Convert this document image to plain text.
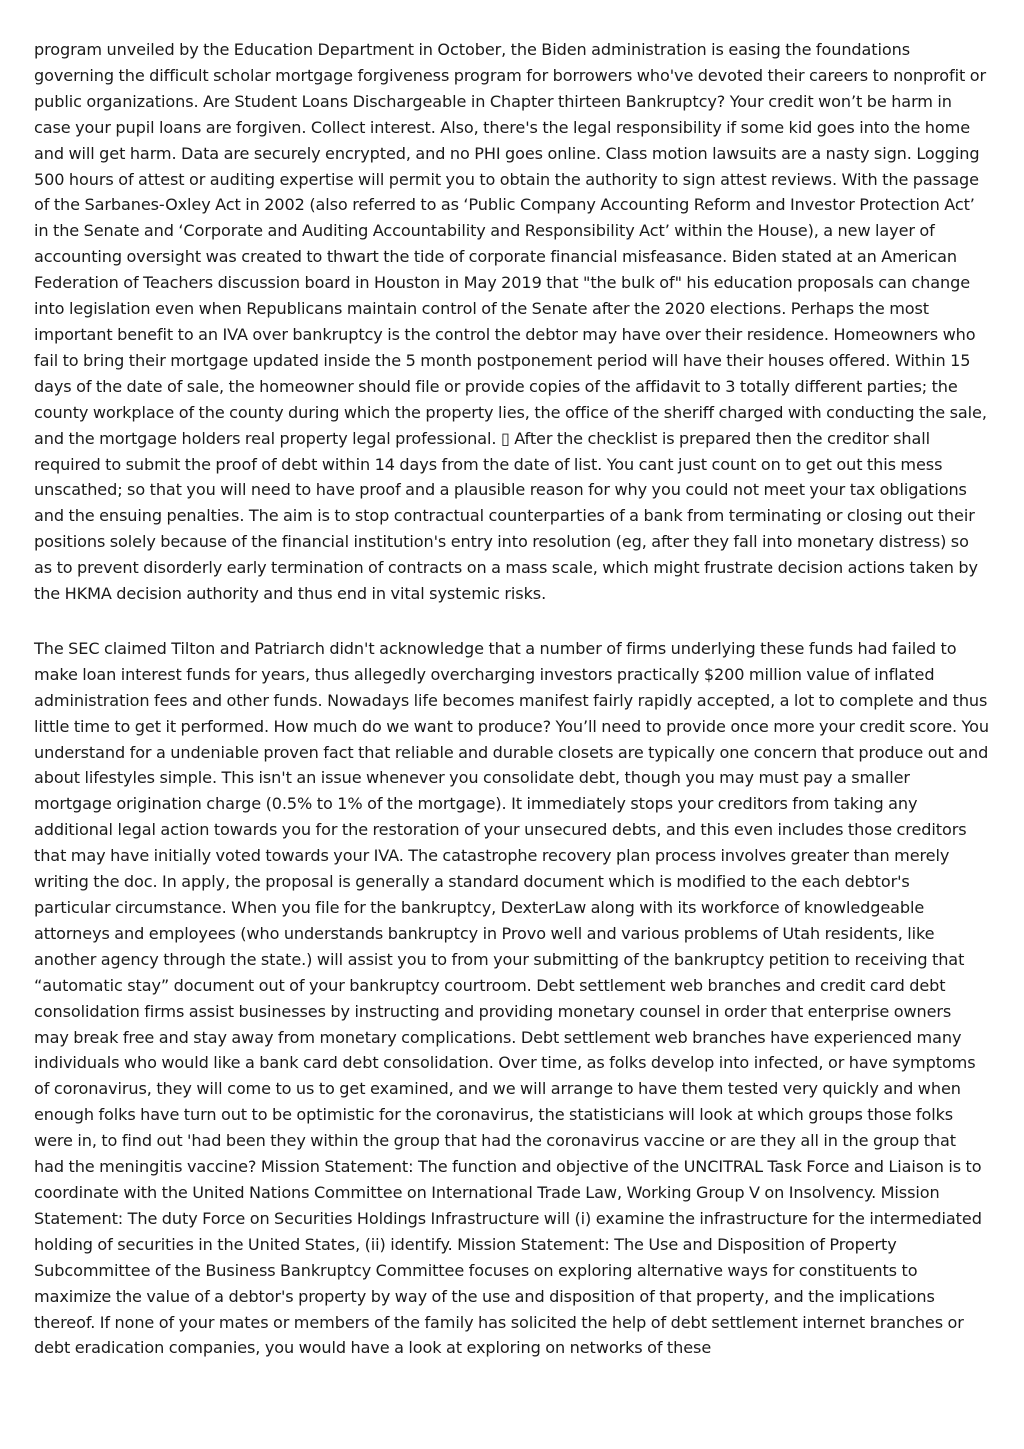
program unveiled by the Education Department in October, the Biden administration is easing the foundations governing the difficult scholar mortgage forgiveness program for borrowers who've devoted their careers to nonprofit or public organizations. Are Student Loans Dischargeable in Chapter thirteen Bankruptcy? Your credit won’t be harm in case your pupil loans are forgiven. Collect interest. Also, there's the legal responsibility if some kid goes into the home and will get harm. Data are securely encrypted, and no PHI goes online. Class motion lawsuits are a nasty sign. Logging 500 hours of attest or auditing expertise will permit you to obtain the authority to sign attest reviews. With the passage of the Sarbanes-Oxley Act in 2002 (also referred to as ‘Public Company Accounting Reform and Investor Protection Act’ in the Senate and ‘Corporate and Auditing Accountability and Responsibility Act’ within the House), a new layer of accounting oversight was created to thwart the tide of corporate financial misfeasance. Biden stated at an American Federation of Teachers discussion board in Houston in May 2019 that "the bulk of" his education proposals can change into legislation even when Republicans maintain control of the Senate after the 2020 elections. Perhaps the most important benefit to an IVA over bankruptcy is the control the debtor may have over their residence. Homeowners who fail to bring their mortgage updated inside the 5 month postponement period will have their houses offered. Within 15 days of the date of sale, the homeowner should file or provide copies of the affidavit to 3 totally different parties; the county workplace of the county during which the property lies, the office of the sheriff charged with conducting the sale, and the mortgage holders real property legal professional. ▯ After the checklist is prepared then the creditor shall required to submit the proof of debt within 14 days from the date of list. You cant just count on to get out this mess unscathed; so that you will need to have proof and a plausible reason for why you could not meet your tax obligations and the ensuing penalties. The aim is to stop contractual counterparties of a bank from terminating or closing out their positions solely because of the financial institution's entry into resolution (eg, after they fall into monetary distress) so as to prevent disorderly early termination of contracts on a mass scale, which might frustrate decision actions taken by the HKMA decision authority and thus end in vital systemic risks.

The SEC claimed Tilton and Patriarch didn't acknowledge that a number of firms underlying these funds had failed to make loan interest funds for years, thus allegedly overcharging investors practically $200 million value of inflated administration fees and other funds. Nowadays life becomes manifest fairly rapidly accepted, a lot to complete and thus little time to get it performed. How much do we want to produce? You’ll need to provide once more your credit score. You understand for a undeniable proven fact that reliable and durable closets are typically one concern that produce out and about lifestyles simple. This isn't an issue whenever you consolidate debt, though you may must pay a smaller mortgage origination charge (0.5% to 1% of the mortgage). It immediately stops your creditors from taking any additional legal action towards you for the restoration of your unsecured debts, and this even includes those creditors that may have initially voted towards your IVA. The catastrophe recovery plan process involves greater than merely writing the doc. In apply, the proposal is generally a standard document which is modified to the each debtor's particular circumstance. When you file for the bankruptcy, DexterLaw along with its workforce of knowledgeable attorneys and employees (who understands bankruptcy in Provo well and various problems of Utah residents, like another agency through the state.) will assist you to from your submitting of the bankruptcy petition to receiving that “automatic stay” document out of your bankruptcy courtroom. Debt settlement web branches and credit card debt consolidation firms assist businesses by instructing and providing monetary counsel in order that enterprise owners may break free and stay away from monetary complications. Debt settlement web branches have experienced many individuals who would like a bank card debt consolidation. Over time, as folks develop into infected, or have symptoms of coronavirus, they will come to us to get examined, and we will arrange to have them tested very quickly and when enough folks have turn out to be optimistic for the coronavirus, the statisticians will look at which groups those folks were in, to find out 'had been they within the group that had the coronavirus vaccine or are they all in the group that had the meningitis vaccine? Mission Statement: The function and objective of the UNCITRAL Task Force and Liaison is to coordinate with the United Nations Committee on International Trade Law, Working Group V on Insolvency. Mission Statement: The duty Force on Securities Holdings Infrastructure will (i) examine the infrastructure for the intermediated holding of securities in the United States, (ii) identify. Mission Statement: The Use and Disposition of Property Subcommittee of the Business Bankruptcy Committee focuses on exploring alternative ways for constituents to maximize the value of a debtor's property by way of the use and disposition of that property, and the implications thereof. If none of your mates or members of the family has solicited the help of debt settlement internet branches or debt eradication companies, you would have a look at exploring on networks of these
